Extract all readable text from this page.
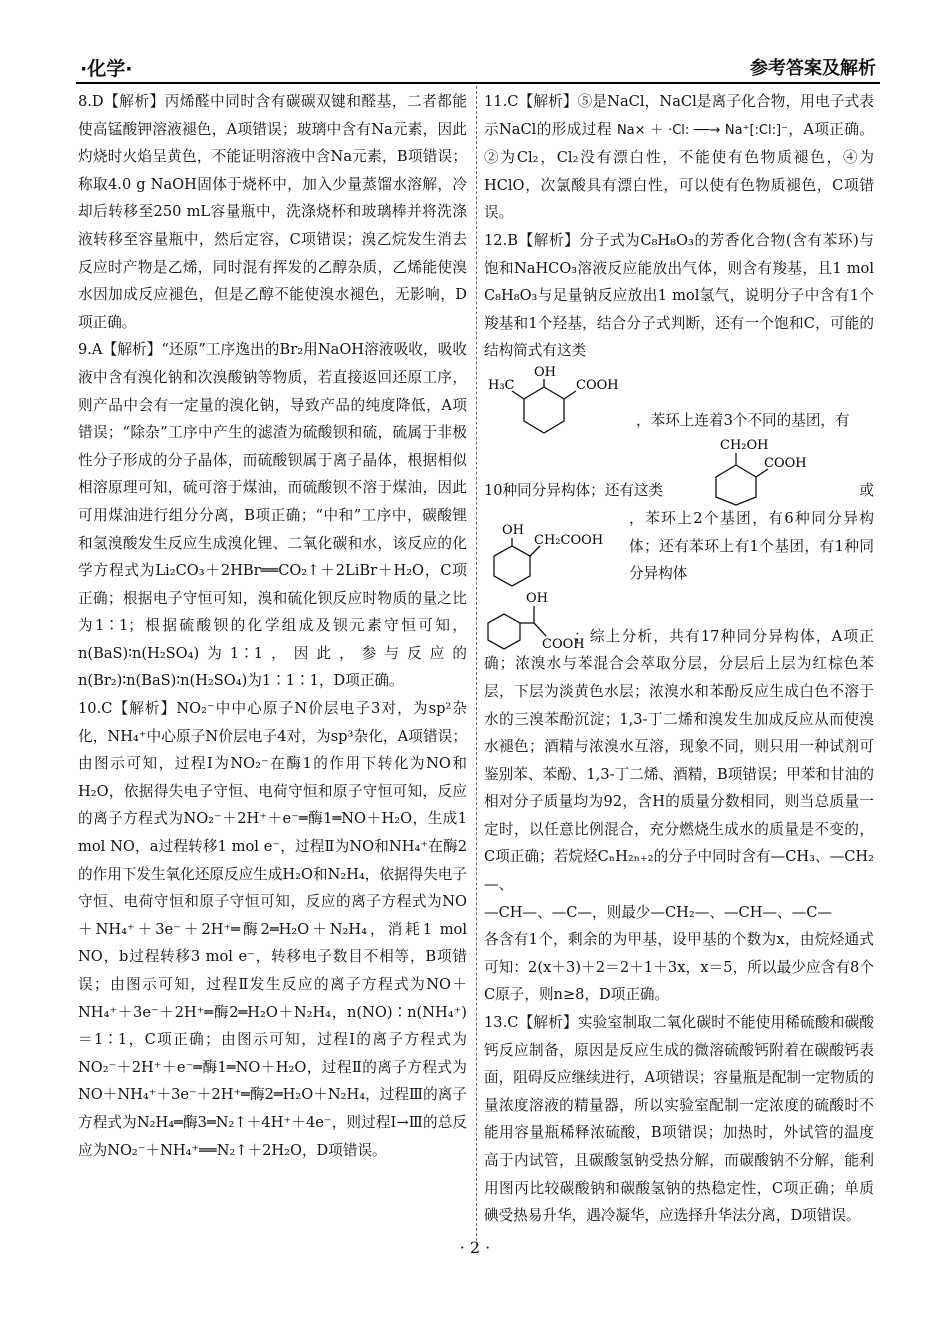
·化学·	参考答案及解析

8.D【解析】丙烯醛中同时含有碳碳双键和醛基，二者都能使高锰酸钾溶液褪色，A项错误；玻璃中含有Na元素，因此灼烧时火焰呈黄色，不能证明溶液中含Na元素，B项错误；称取4.0 g NaOH固体于烧杯中，加入少量蒸馏水溶解，冷却后转移至250 mL容量瓶中，洗涤烧杯和玻璃棒并将洗涤液转移至容量瓶中，然后定容，C项错误；溴乙烷发生消去反应时产物是乙烯，同时混有挥发的乙醇杂质，乙烯能使溴水因加成反应褪色，但是乙醇不能使溴水褪色，无影响，D项正确。

9.A【解析】“还原”工序逸出的Br₂用NaOH溶液吸收，吸收液中含有溴化钠和次溴酸钠等物质，若直接返回还原工序，则产品中会有一定量的溴化钠，导致产品的纯度降低，A项错误；“除杂”工序中产生的滤渣为硫酸钡和硫，硫属于非极性分子形成的分子晶体，而硫酸钡属于离子晶体，根据相似相溶原理可知，硫可溶于煤油，而硫酸钡不溶于煤油，因此可用煤油进行组分分离，B项正确；“中和”工序中，碳酸锂和氢溴酸发生反应生成溴化锂、二氧化碳和水，该反应的化学方程式为Li₂CO₃＋2HBr══CO₂↑＋2LiBr＋H₂O，C项正确；根据电子守恒可知，溴和硫化钡反应时物质的量之比为1∶1；根据硫酸钡的化学组成及钡元素守恒可知，n(BaS)∶n(H₂SO₄)为1∶1，因此，参与反应的n(Br₂)∶n(BaS)∶n(H₂SO₄)为1∶1∶1，D项正确。

10.C【解析】NO₂⁻中中心原子N价层电子3对，为sp²杂化，NH₄⁺中心原子N价层电子4对，为sp³杂化，A项错误；由图示可知，过程Ⅰ为NO₂⁻在酶1的作用下转化为NO和H₂O，依据得失电子守恒、电荷守恒和原子守恒可知，反应的离子方程式为NO₂⁻＋2H⁺＋e⁻═酶1═NO＋H₂O，生成1 mol NO，a过程转移1 mol e⁻，过程Ⅱ为NO和NH₄⁺在酶2的作用下发生氧化还原反应生成H₂O和N₂H₄，依据得失电子守恒、电荷守恒和原子守恒可知，反应的离子方程式为NO＋NH₄⁺＋3e⁻＋2H⁺═酶2═H₂O＋N₂H₄，消耗1 mol NO，b过程转移3 mol e⁻，转移电子数目不相等，B项错误；由图示可知，过程Ⅱ发生反应的离子方程式为NO＋NH₄⁺＋3e⁻＋2H⁺═酶2═H₂O＋N₂H₄，n(NO)∶n(NH₄⁺)＝1∶1，C项正确；由图示可知，过程Ⅰ的离子方程式为NO₂⁻＋2H⁺＋e⁻═酶1═NO＋H₂O，过程Ⅱ的离子方程式为NO＋NH₄⁺＋3e⁻＋2H⁺═酶2═H₂O＋N₂H₄，过程Ⅲ的离子方程式为N₂H₄═酶3═N₂↑＋4H⁺＋4e⁻，则过程Ⅰ→Ⅲ的总反应为NO₂⁻＋NH₄⁺══N₂↑＋2H₂O，D项错误。

11.C【解析】⑤是NaCl，NaCl是离子化合物，用电子式表示NaCl的形成过程 Na× ＋ ·Cl: ──→ Na⁺[:Cl:]⁻，A项正确。②为Cl₂，Cl₂没有漂白性，不能使有色物质褪色，④为HClO，次氯酸具有漂白性，可以使有色物质褪色，C项错误。

12.B【解析】分子式为C₈H₈O₃的芳香化合物(含有苯环)与饱和NaHCO₃溶液反应能放出气体，则含有羧基，且1 mol C₈H₈O₃与足量钠反应放出1 mol氢气，说明分子中含有1个羧基和1个羟基，结合分子式判断，还有一个饱和C，可能的结构简式有这类

H₃C
OH
COOH
，苯环上连着3个不同的基团，有
10种同分异构体；还有这类
CH₂OH
COOH
或
OH
CH₂COOH
，苯环上2个基团，有6种同分异构体；还有苯环上有1个基团，有1种同分异构体
OH
COOH

；综上分析，共有17种同分异构体，A项正确；浓溴水与苯混合会萃取分层，分层后上层为红棕色苯层，下层为淡黄色水层；浓溴水和苯酚反应生成白色不溶于水的三溴苯酚沉淀；1,3-丁二烯和溴发生加成反应从而使溴水褪色；酒精与浓溴水互溶，现象不同，则只用一种试剂可鉴别苯、苯酚、1,3-丁二烯、酒精，B项错误；甲苯和甘油的相对分子质量均为92，含H的质量分数相同，则当总质量一定时，以任意比例混合，充分燃烧生成水的质量是不变的，C项正确；若烷烃CₙH₂ₙ₊₂的分子中同时含有—CH₃、—CH₂—、

—CH—、—C—，则最少—CH₂—、—CH—、—C—

各含有1个，剩余的为甲基，设甲基的个数为x，由烷烃通式可知：2(x＋3)＋2＝2＋1＋3x，x＝5，所以最少应含有8个C原子，则n≥8，D项正确。

13.C【解析】实验室制取二氧化碳时不能使用稀硫酸和碳酸钙反应制备，原因是反应生成的微溶硫酸钙附着在碳酸钙表面，阻碍反应继续进行，A项错误；容量瓶是配制一定物质的量浓度溶液的精量器，所以实验室配制一定浓度的硫酸时不能用容量瓶稀释浓硫酸，B项错误；加热时，外试管的温度高于内试管，且碳酸氢钠受热分解，而碳酸钠不分解，能利用图丙比较碳酸钠和碳酸氢钠的热稳定性，C项正确；单质碘受热易升华，遇冷凝华，应选择升华法分离，D项错误。

· 2 ·
